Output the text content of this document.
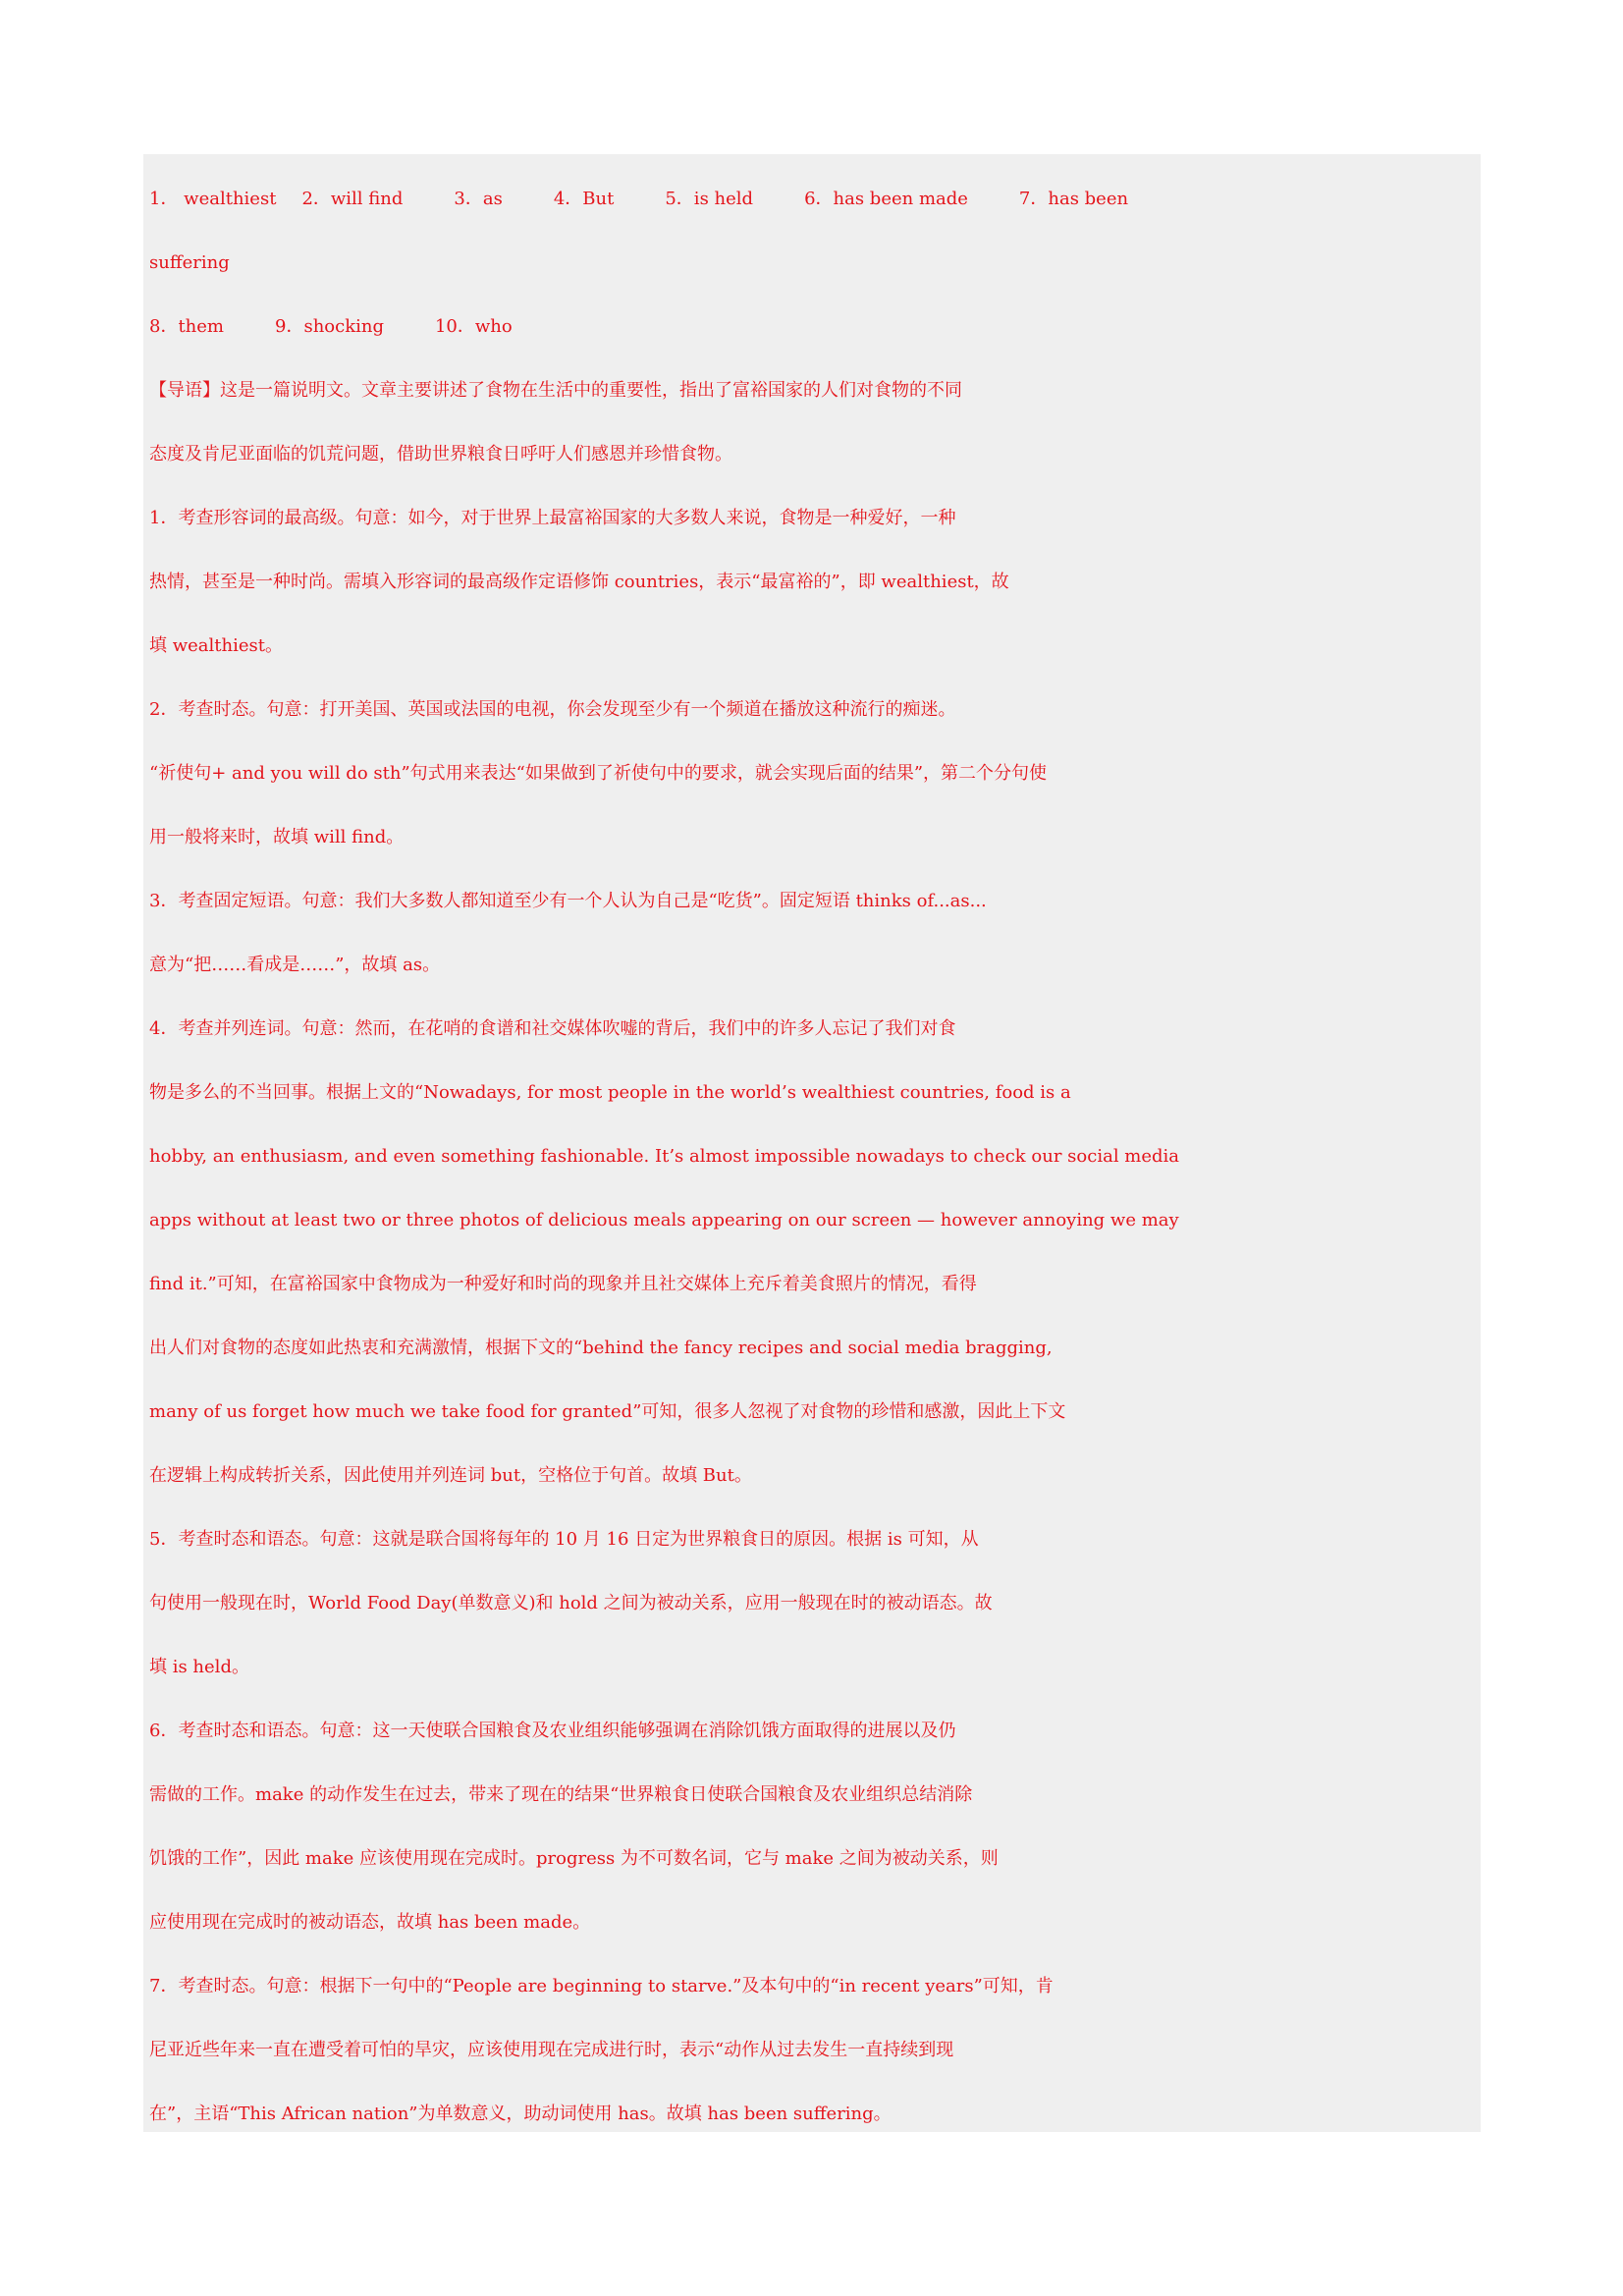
1． wealthiest 2．will find	3．as	4．But	5．is held	6．has been made	7．has been
suffering
8．them	9．shocking	10．who
【导语】这是一篇说明文。文章主要讲述了食物在生活中的重要性，指出了富裕国家的人们对食物的不同
态度及肯尼亚面临的饥荒问题，借助世界粮食日呼吁人们感恩并珍惜食物。
1．考查形容词的最高级。句意：如今，对于世界上最富裕国家的大多数人来说，食物是一种爱好，一种
热情，甚至是一种时尚。需填入形容词的最高级作定语修饰 countries，表示“最富裕的”，即 wealthiest，故
填 wealthiest。
2．考查时态。句意：打开美国、英国或法国的电视，你会发现至少有一个频道在播放这种流行的痴迷。
“祈使句+ and you will do sth”句式用来表达“如果做到了祈使句中的要求，就会实现后面的结果”，第二个分句使
用一般将来时，故填 will find。
3．考查固定短语。句意：我们大多数人都知道至少有一个人认为自己是“吃货”。固定短语 thinks of...as...
意为“把……看成是……”，故填 as。
4．考查并列连词。句意：然而，在花哨的食谱和社交媒体吹嘘的背后，我们中的许多人忘记了我们对食
物是多么的不当回事。根据上文的“Nowadays, for most people in the world’s wealthiest countries, food is a
hobby, an enthusiasm, and even something fashionable. It’s almost impossible nowadays to check our social media
apps without at least two or three photos of delicious meals appearing on our screen — however annoying we may
find it.”可知，在富裕国家中食物成为一种爱好和时尚的现象并且社交媒体上充斥着美食照片的情况，看得
出人们对食物的态度如此热衷和充满激情，根据下文的“behind the fancy recipes and social media bragging,
many of us forget how much we take food for granted”可知，很多人忽视了对食物的珍惜和感激，因此上下文
在逻辑上构成转折关系，因此使用并列连词 but，空格位于句首。故填 But。
5．考查时态和语态。句意：这就是联合国将每年的 10 月 16 日定为世界粮食日的原因。根据 is 可知，从
句使用一般现在时，World Food Day(单数意义)和 hold 之间为被动关系，应用一般现在时的被动语态。故
填 is held。
6．考查时态和语态。句意：这一天使联合国粮食及农业组织能够强调在消除饥饿方面取得的进展以及仍
需做的工作。make 的动作发生在过去，带来了现在的结果“世界粮食日使联合国粮食及农业组织总结消除
饥饿的工作”，因此 make 应该使用现在完成时。progress 为不可数名词，它与 make 之间为被动关系，则
应使用现在完成时的被动语态，故填 has been made。
7．考查时态。句意：根据下一句中的“People are beginning to starve.”及本句中的“in recent years”可知，肯
尼亚近些年来一直在遭受着可怕的旱灾，应该使用现在完成进行时，表示“动作从过去发生一直持续到现
在”，主语“This African nation”为单数意义，助动词使用 has。故填 has been suffering。
